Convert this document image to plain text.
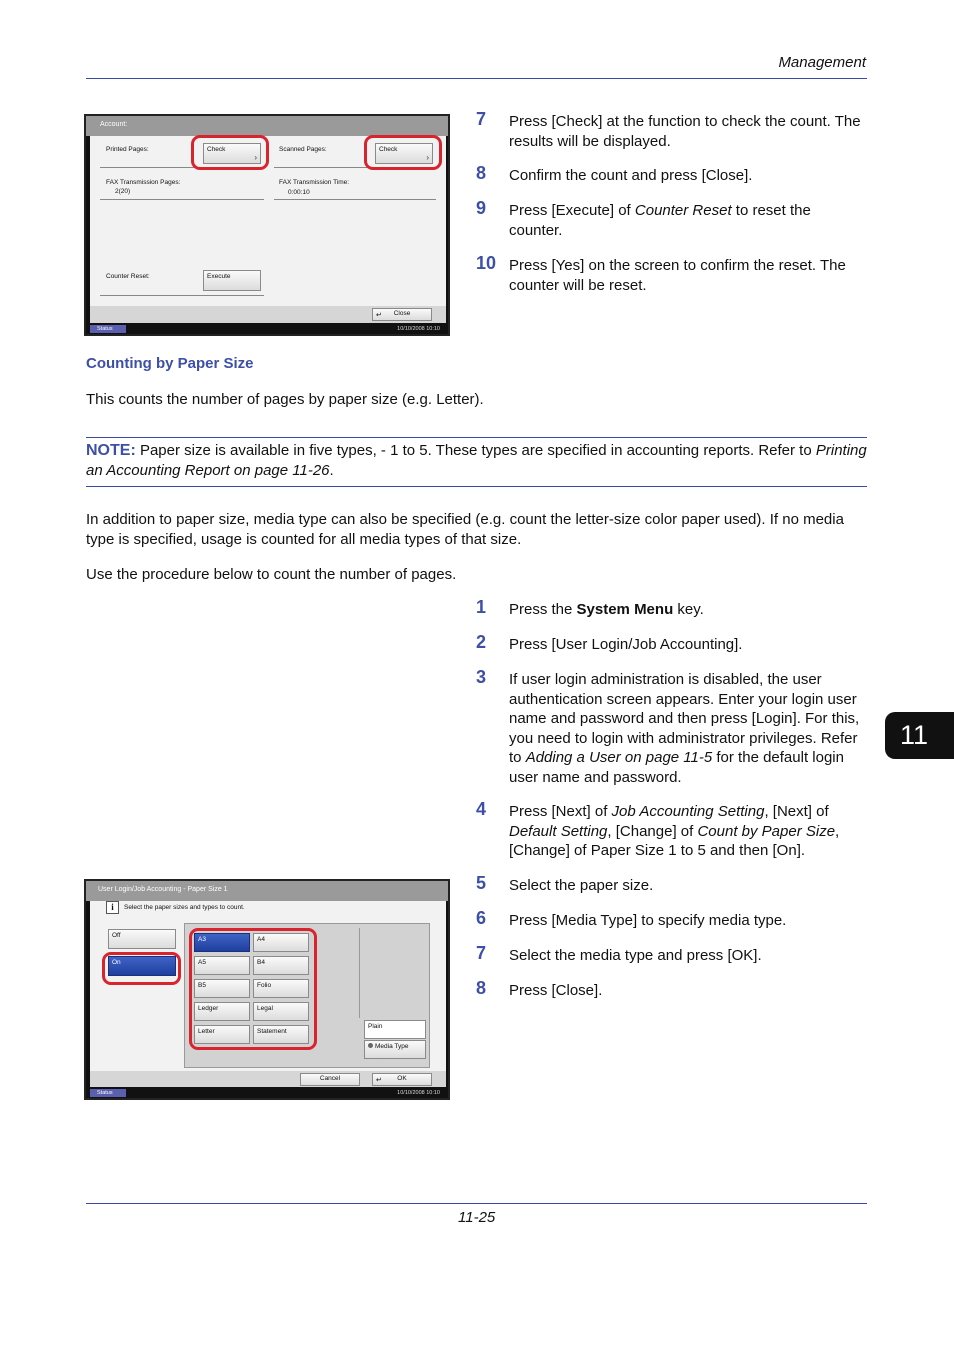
Management
11
Account:
Printed Pages:	Check
›
Scanned Pages:	Check
›
FAX Transmission Pages:
2(20)
FAX Transmission Time:
0:00:10
Counter Reset:	Execute
↵ Close
Status	10/10/2008 10:10
7 Press [Check] at the function to check the count. The results will be displayed.
8 Confirm the count and press [Close].
9 Press [Execute] of Counter Reset to reset the counter.
10 Press [Yes] on the screen to confirm the reset. The counter will be reset.
Counting by Paper Size
This counts the number of pages by paper size (e.g. Letter).
NOTE: Paper size is available in five types, - 1 to 5. These types are specified in accounting reports. Refer to Printing an Accounting Report on page 11-26.
In addition to paper size, media type can also be specified (e.g. count the letter-size color paper used). If no media type is specified, usage is counted for all media types of that size.
Use the procedure below to count the number of pages.
1 Press the System Menu key.
2 Press [User Login/Job Accounting].
3 If user login administration is disabled, the user authentication screen appears. Enter your login user name and password and then press [Login]. For this, you need to login with administrator privileges. Refer to Adding a User on page 11-5 for the default login user name and password.
4 Press [Next] of Job Accounting Setting, [Next] of Default Setting, [Change] of Count by Paper Size, [Change] of Paper Size 1 to 5 and then [On].
5 Select the paper size.
6 Press [Media Type] to specify media type.
7 Select the media type and press [OK].
8 Press [Close].
User Login/Job Accounting - Paper Size 1
i	Select the paper sizes and types to count.
Off
On
A3	A4
A5	B4
B5	Folio
Ledger	Legal
Letter	Statement
Plain
Media Type
Cancel	↵ OK
Status	10/10/2008 10:10
11-25
